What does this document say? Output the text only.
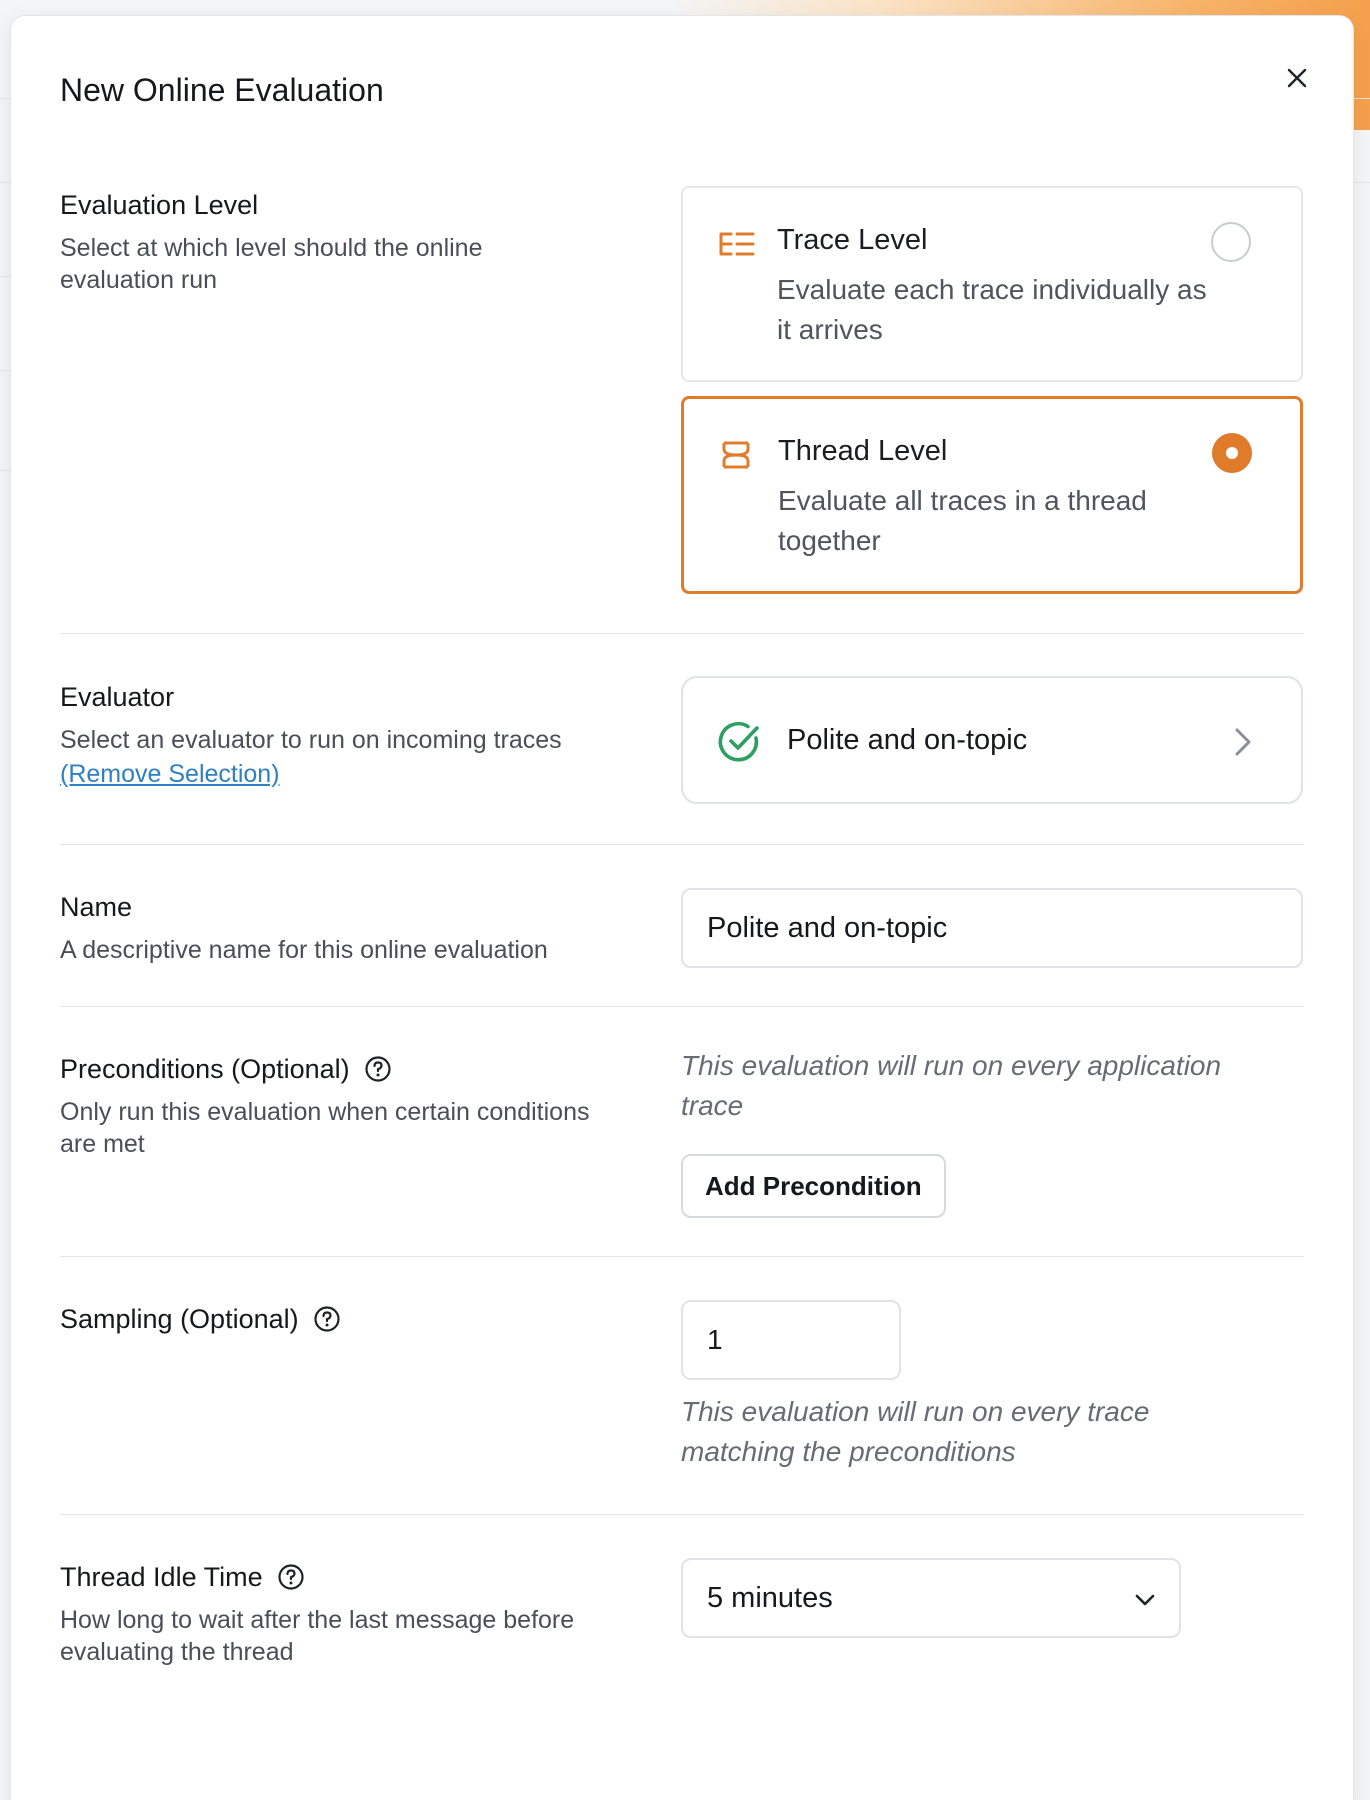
New Online Evaluation
Evaluation Level
Select at which level should the online evaluation run
Trace Level
Evaluate each trace individually as it arrives
Thread Level
Evaluate all traces in a thread together
Evaluator
Select an evaluator to run on incoming traces
(Remove Selection)
Polite and on-topic
Name
A descriptive name for this online evaluation
Polite and on-topic
Preconditions (Optional)
Only run this evaluation when certain conditions are met
This evaluation will run on every application trace
Add Precondition
Sampling (Optional)
1
This evaluation will run on every trace matching the preconditions
Thread Idle Time
How long to wait after the last message before evaluating the thread
5 minutes
